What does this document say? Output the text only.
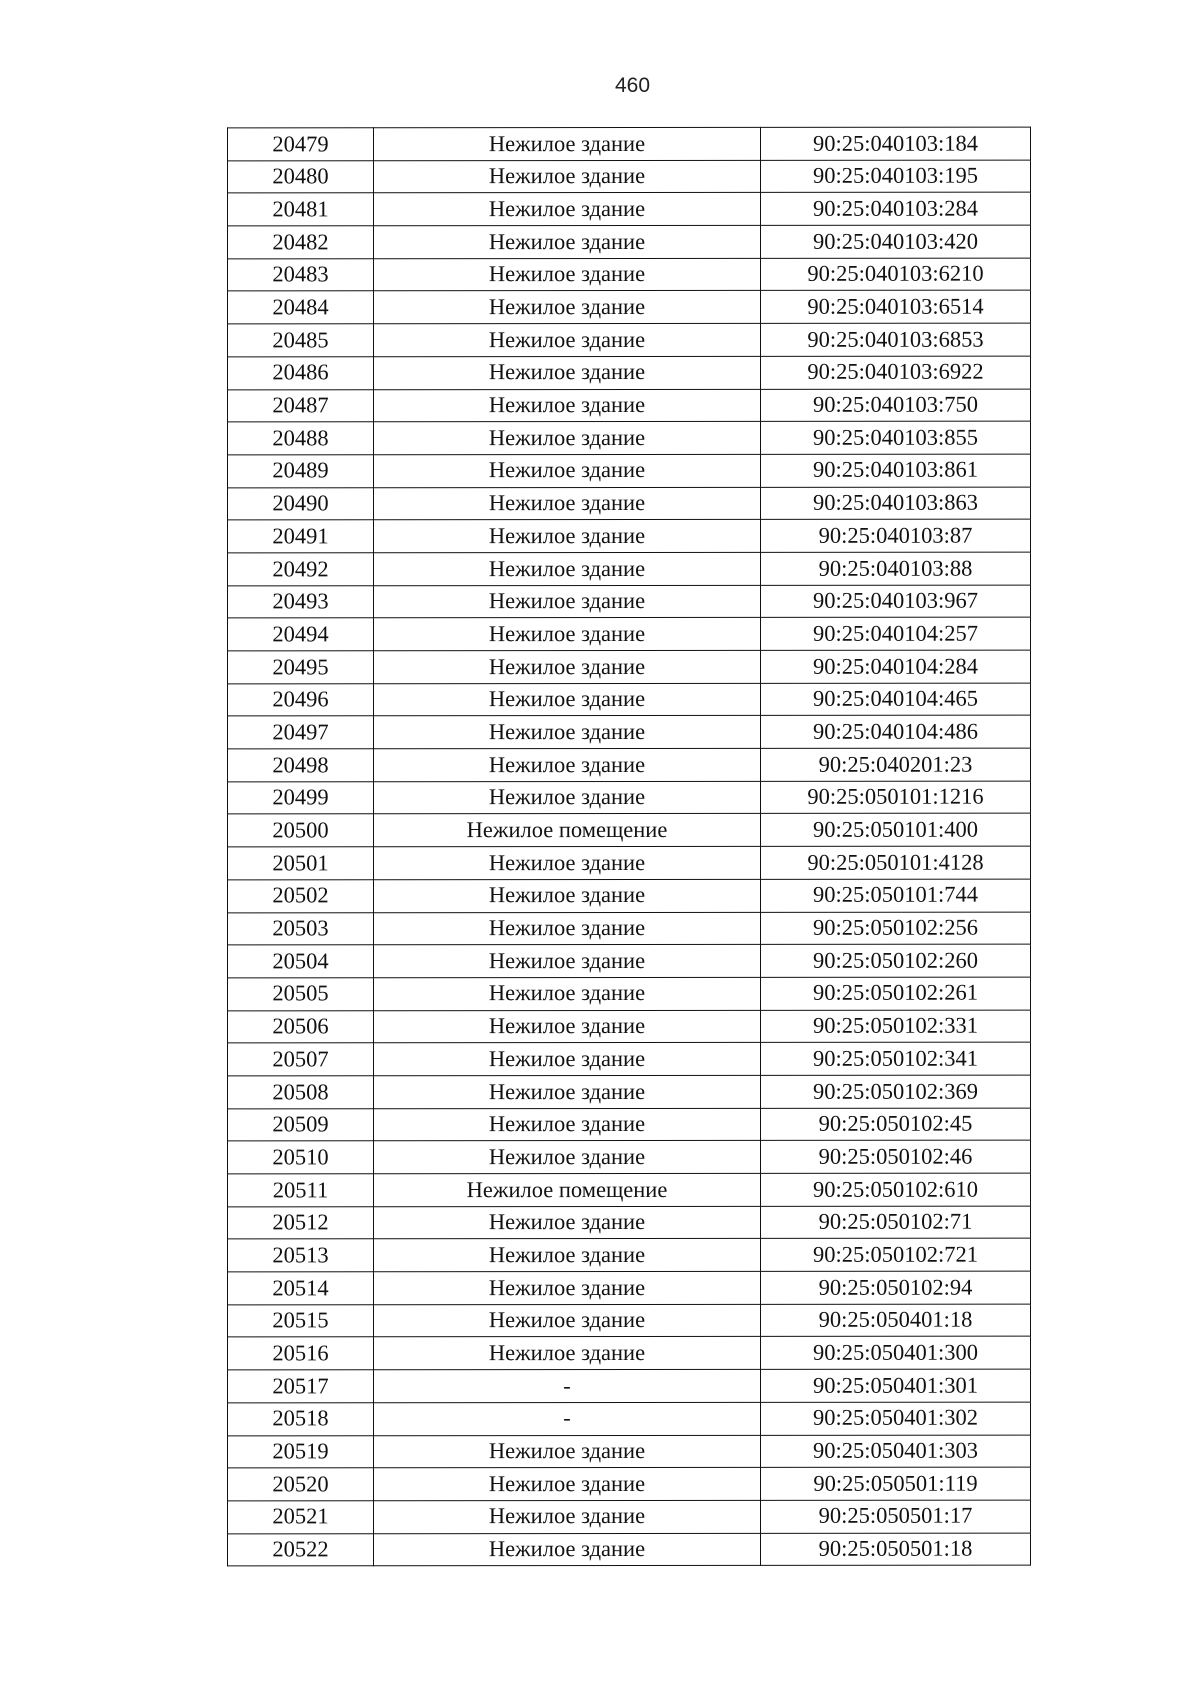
460
20479	Нежилое здание	90:25:040103:184
20480	Нежилое здание	90:25:040103:195
20481	Нежилое здание	90:25:040103:284
20482	Нежилое здание	90:25:040103:420
20483	Нежилое здание	90:25:040103:6210
20484	Нежилое здание	90:25:040103:6514
20485	Нежилое здание	90:25:040103:6853
20486	Нежилое здание	90:25:040103:6922
20487	Нежилое здание	90:25:040103:750
20488	Нежилое здание	90:25:040103:855
20489	Нежилое здание	90:25:040103:861
20490	Нежилое здание	90:25:040103:863
20491	Нежилое здание	90:25:040103:87
20492	Нежилое здание	90:25:040103:88
20493	Нежилое здание	90:25:040103:967
20494	Нежилое здание	90:25:040104:257
20495	Нежилое здание	90:25:040104:284
20496	Нежилое здание	90:25:040104:465
20497	Нежилое здание	90:25:040104:486
20498	Нежилое здание	90:25:040201:23
20499	Нежилое здание	90:25:050101:1216
20500	Нежилое помещение	90:25:050101:400
20501	Нежилое здание	90:25:050101:4128
20502	Нежилое здание	90:25:050101:744
20503	Нежилое здание	90:25:050102:256
20504	Нежилое здание	90:25:050102:260
20505	Нежилое здание	90:25:050102:261
20506	Нежилое здание	90:25:050102:331
20507	Нежилое здание	90:25:050102:341
20508	Нежилое здание	90:25:050102:369
20509	Нежилое здание	90:25:050102:45
20510	Нежилое здание	90:25:050102:46
20511	Нежилое помещение	90:25:050102:610
20512	Нежилое здание	90:25:050102:71
20513	Нежилое здание	90:25:050102:721
20514	Нежилое здание	90:25:050102:94
20515	Нежилое здание	90:25:050401:18
20516	Нежилое здание	90:25:050401:300
20517	-	90:25:050401:301
20518	-	90:25:050401:302
20519	Нежилое здание	90:25:050401:303
20520	Нежилое здание	90:25:050501:119
20521	Нежилое здание	90:25:050501:17
20522	Нежилое здание	90:25:050501:18
